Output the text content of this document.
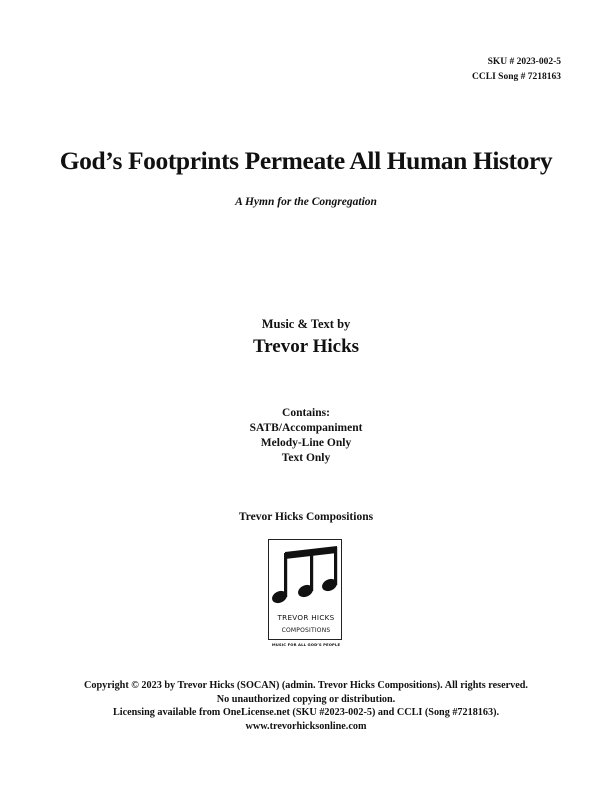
SKU # 2023-002-5
CCLI Song # 7218163
God’s Footprints Permeate All Human History
A Hymn for the Congregation
Music & Text by
Trevor Hicks
Contains:
SATB/Accompaniment
Melody-Line Only
Text Only
Trevor Hicks Compositions
TREVOR HICKS
COMPOSITIONS
MUSIC FOR ALL GOD’S PEOPLE
Copyright © 2023 by Trevor Hicks (SOCAN) (admin. Trevor Hicks Compositions). All rights reserved.
No unauthorized copying or distribution.
Licensing available from OneLicense.net (SKU #2023-002-5) and CCLI (Song #7218163).
www.trevorhicksonline.com
